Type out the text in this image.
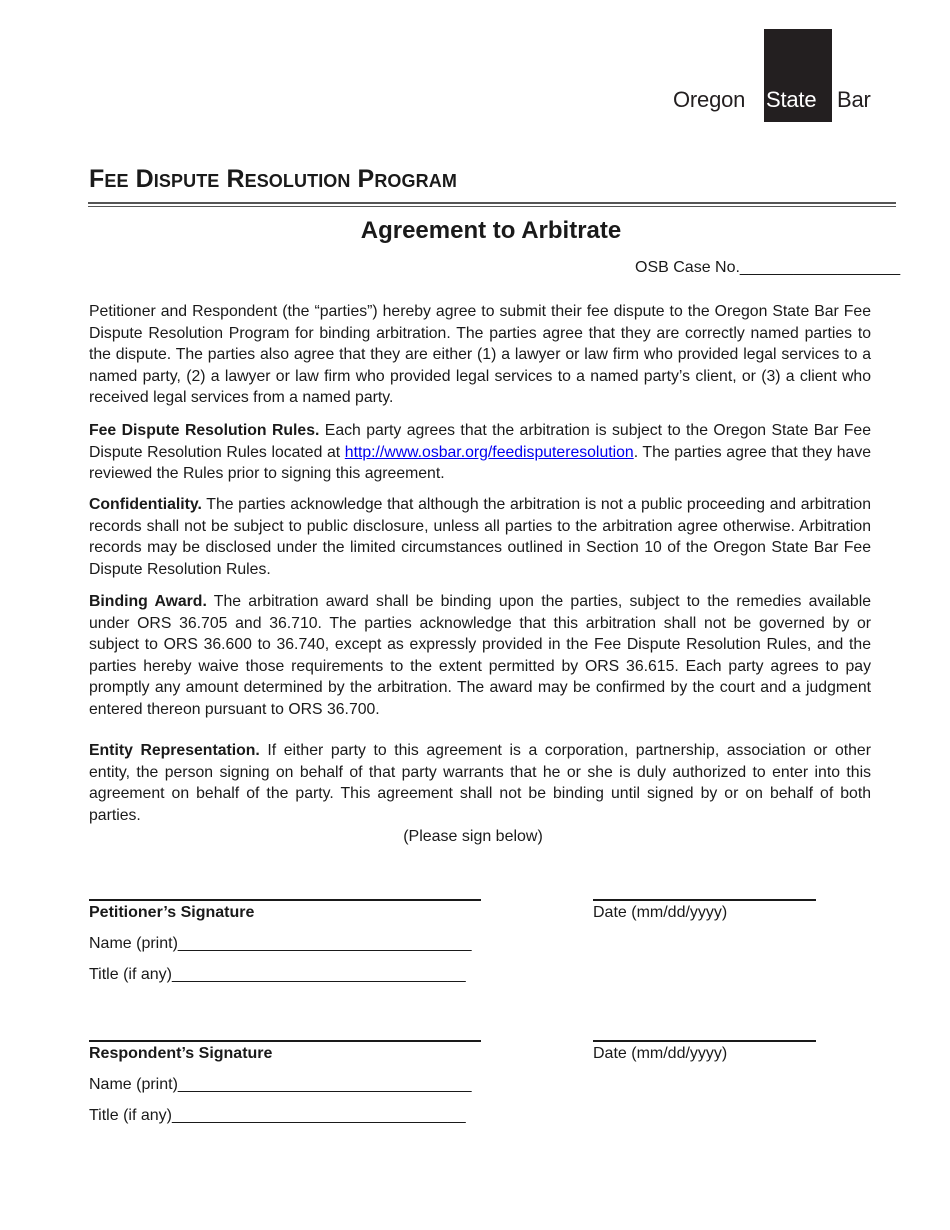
Oregon State Bar
Fee Dispute Resolution Program
Agreement to Arbitrate
OSB Case No.__________________

Petitioner and Respondent (the “parties”) hereby agree to submit their fee dispute to the Oregon State Bar Fee Dispute Resolution Program for binding arbitration. The parties agree that they are correctly named parties to the dispute. The parties also agree that they are either (1) a lawyer or law firm who provided legal services to a named party, (2) a lawyer or law firm who provided legal services to a named party’s client, or (3) a client who received legal services from a named party.

Fee Dispute Resolution Rules. Each party agrees that the arbitration is subject to the Oregon State Bar Fee Dispute Resolution Rules located at http://www.osbar.org/feedisputeresolution. The parties agree that they have reviewed the Rules prior to signing this agreement.

Confidentiality. The parties acknowledge that although the arbitration is not a public proceeding and arbitration records shall not be subject to public disclosure, unless all parties to the arbitration agree otherwise. Arbitration records may be disclosed under the limited circumstances outlined in Section 10 of the Oregon State Bar Fee Dispute Resolution Rules.

Binding Award. The arbitration award shall be binding upon the parties, subject to the remedies available under ORS 36.705 and 36.710. The parties acknowledge that this arbitration shall not be governed by or subject to ORS 36.600 to 36.740, except as expressly provided in the Fee Dispute Resolution Rules, and the parties hereby waive those requirements to the extent permitted by ORS 36.615. Each party agrees to pay promptly any amount determined by the arbitration. The award may be confirmed by the court and a judgment entered thereon pursuant to ORS 36.700.

Entity Representation. If either party to this agreement is a corporation, partnership, association or other entity, the person signing on behalf of that party warrants that he or she is duly authorized to enter into this agreement on behalf of the party. This agreement shall not be binding until signed by or on behalf of both parties.

(Please sign below)
Petitioner’s Signature	Date (mm/dd/yyyy)
Name (print)_________________________________
Title (if any)_________________________________
Respondent’s Signature	Date (mm/dd/yyyy)
Name (print)_________________________________
Title (if any)_________________________________
